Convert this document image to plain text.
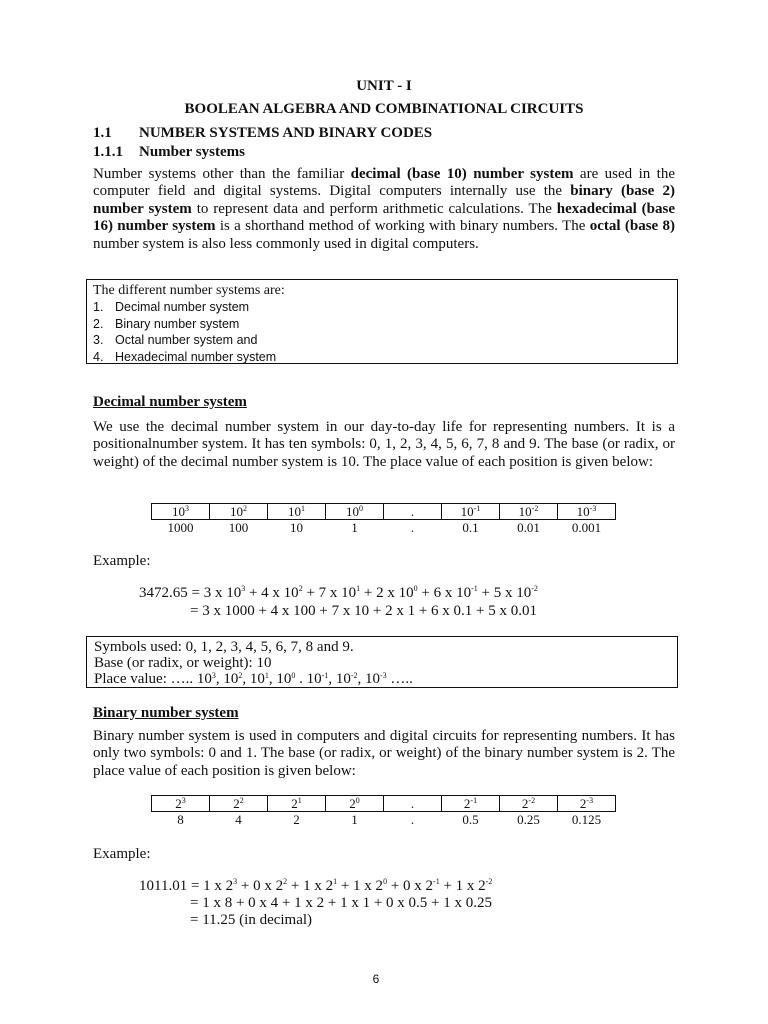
UNIT - I
BOOLEAN ALGEBRA AND COMBINATIONAL CIRCUITS
1.1 NUMBER SYSTEMS AND BINARY CODES
1.1.1 Number systems
Number systems other than the familiar decimal (base 10) number system are used in the computer field and digital systems. Digital computers internally use the binary (base 2) number system to represent data and perform arithmetic calculations. The hexadecimal (base 16) number system is a shorthand method of working with binary numbers. The octal (base 8) number system is also less commonly used in digital computers.
The different number systems are:
1. Decimal number system
2. Binary number system
3. Octal number system and
4. Hexadecimal number system
Decimal number system
We use the decimal number system in our day-to-day life for representing numbers. It is a positionalnumber system. It has ten symbols: 0, 1, 2, 3, 4, 5, 6, 7, 8 and 9. The base (or radix, or weight) of the decimal number system is 10. The place value of each position is given below:
$10^3$	$10^2$	$10^1$	$10^0$	.	$10^{-1}$	$10^{-2}$	$10^{-3}$
1000	100	10	1	.	0.1	0.01	0.001
Example:
3472.65 = 3 x $10^3 + 4$ x $10^2 + 7$ x $10^1 + 2$ x $10^0 + 6$ x $10^{-1} + 5$ x $10^{-2}$
= 3 x 1000 + 4 x 100 + 7 x 10 + 2 x 1 + 6 x 0.1 + 5 x 0.01
Symbols used: 0, 1, 2, 3, 4, 5, 6, 7, 8 and 9.
Base (or radix, or weight): 10
Place value: ….. $10^3$, $10^2$, $10^1$, $10^0$ . $10^{-1}$, $10^{-2}$, $10^{-3}$ …..
Binary number system
Binary number system is used in computers and digital circuits for representing numbers. It has only two symbols: 0 and 1. The base (or radix, or weight) of the binary number system is 2. The place value of each position is given below:
$2^3$	$2^2$	$2^1$	$2^0$	.	$2^{-1}$	$2^{-2}$	$2^{-3}$
8	4	2	1	.	0.5	0.25	0.125
Example:
1011.01 = 1 x $2^3 + 0$ x $2^2 + 1$ x $2^1 + 1$ x $2^0 + 0$ x $2^{-1} + 1$ x $2^{-2}$
= 1 x 8 + 0 x 4 + 1 x 2 + 1 x 1 + 0 x 0.5 + 1 x 0.25
= 11.25 (in decimal)
6
